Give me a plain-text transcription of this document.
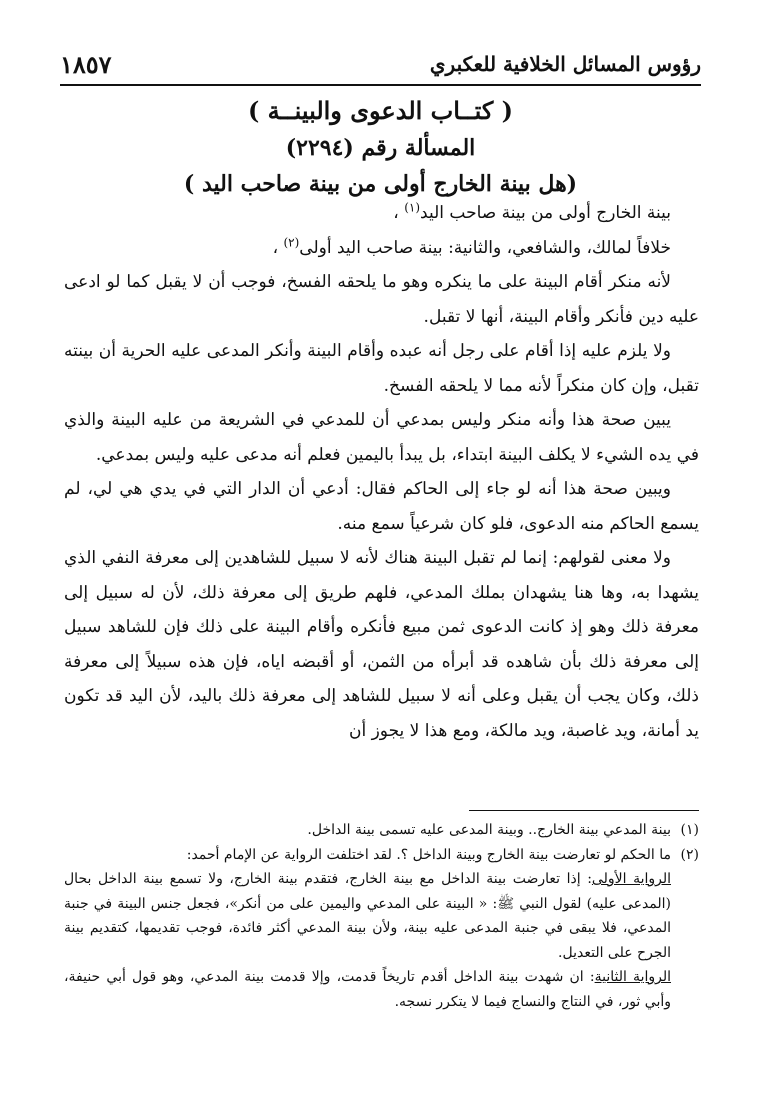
رؤوس المسائل الخلافية للعكبري
١٨٥٧
( كتــاب الدعوى والبينــة )
المسألة رقم (٢٢٩٤)
(هل بينة الخارج أولى من بينة صاحب اليد )

بينة الخارج أولى من بينة صاحب اليد$^{(١)}$ ،

خلافاً لمالك، والشافعي، والثانية: بينة صاحب اليد أولى$^{(٢)}$ ،

لأنه منكر أقام البينة على ما ينكره وهو ما يلحقه الفسخ، فوجب أن لا يقبل كما لو ادعى عليه دين فأنكر وأقام البينة، أنها لا تقبل.

ولا يلزم عليه إذا أقام على رجل أنه عبده وأقام البينة وأنكر المدعى عليه الحرية أن بينته تقبل، وإن كان منكراً لأنه مما لا يلحقه الفسخ.

يبين صحة هذا وأنه منكر وليس بمدعي أن للمدعي في الشريعة من عليه البينة والذي في يده الشيء لا يكلف البينة ابتداء، بل يبدأ باليمين فعلم أنه مدعى عليه وليس بمدعي.

ويبين صحة هذا أنه لو جاء إلى الحاكم فقال: أدعي أن الدار التي في يدي هي لي، لم يسمع الحاكم منه الدعوى، فلو كان شرعياً سمع منه.

ولا معنى لقولهم: إنما لم تقبل البينة هناك لأنه لا سبيل للشاهدين إلى معرفة النفي الذي يشهدا به، وها هنا يشهدان بملك المدعي، فلهم طريق إلى معرفة ذلك، لأن له سبيل إلى معرفة ذلك وهو إذ كانت الدعوى ثمن مبيع فأنكره وأقام البينة على ذلك فإن للشاهد سبيل إلى معرفة ذلك بأن شاهده قد أبرأه من الثمن، أو أقبضه اياه، فإن هذه سبيلاً إلى معرفة ذلك، وكان يجب أن يقبل وعلى أنه لا سبيل للشاهد إلى معرفة ذلك باليد، لأن اليد قد تكون يد أمانة، ويد غاصبة، ويد مالكة، ومع هذا لا يجوز أن

(١)بينة المدعي بينة الخارج.. وبينة المدعى عليه تسمى بينة الداخل.

(٢)ما الحكم لو تعارضت بينة الخارج وبينة الداخل ؟. لقد اختلفت الرواية عن الإمام أحمد:

الرواية الأولى: إذا تعارضت بينة الداخل مع بينة الخارج، فتقدم بينة الخارج، ولا تسمع بينة الداخل بحال (المدعى عليه) لقول النبي ﷺ: « البينة على المدعي واليمين على من أنكر»، فجعل جنس البينة في جنبة المدعي، فلا يبقى في جنبة المدعى عليه بينة، ولأن بينة المدعي أكثر فائدة، فوجب تقديمها، كتقديم بينة الجرح على التعديل.

الرواية الثانية: ان شهدت بينة الداخل أقدم تاريخاً قدمت، وإلا قدمت بينة المدعي، وهو قول أبي حنيفة، وأبي ثور، في النتاج والنساج فيما لا يتكرر نسجه.
